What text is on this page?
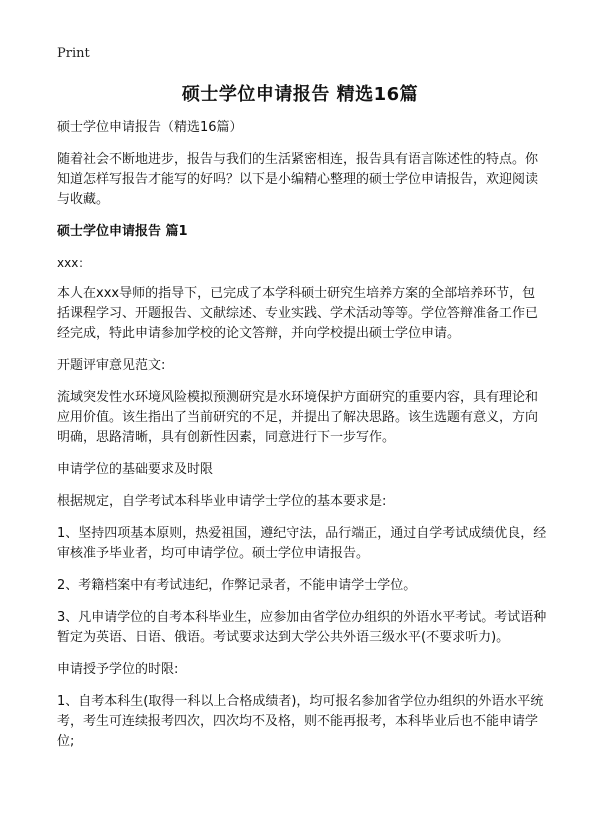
Print
硕士学位申请报告 精选16篇

硕士学位申请报告（精选16篇）

随着社会不断地进步，报告与我们的生活紧密相连，报告具有语言陈述性的特点。你知道怎样写报告才能写的好吗？以下是小编精心整理的硕士学位申请报告，欢迎阅读与收藏。

硕士学位申请报告 篇1

xxx：

本人在xxx导师的指导下，已完成了本学科硕士研究生培养方案的全部培养环节，包括课程学习、开题报告、文献综述、专业实践、学术活动等等。学位答辩准备工作已经完成，特此申请参加学校的论文答辩，并向学校提出硕士学位申请。

开题评审意见范文:

流域突发性水环境风险模拟预测研究是水环境保护方面研究的重要内容，具有理论和应用价值。该生指出了当前研究的不足，并提出了解决思路。该生选题有意义，方向明确，思路清晰，具有创新性因素，同意进行下一步写作。

申请学位的基础要求及时限

根据规定，自学考试本科毕业申请学士学位的基本要求是:

1、坚持四项基本原则，热爱祖国，遵纪守法，品行端正，通过自学考试成绩优良，经审核准予毕业者，均可申请学位。硕士学位申请报告。

2、考籍档案中有考试违纪，作弊记录者，不能申请学士学位。

3、凡申请学位的自考本科毕业生，应参加由省学位办组织的外语水平考试。考试语种暂定为英语、日语、俄语。考试要求达到大学公共外语三级水平(不要求听力)。

申请授予学位的时限:

1、自考本科生(取得一科以上合格成绩者)，均可报名参加省学位办组织的外语水平统考，考生可连续报考四次，四次均不及格，则不能再报考，本科毕业后也不能申请学位;
